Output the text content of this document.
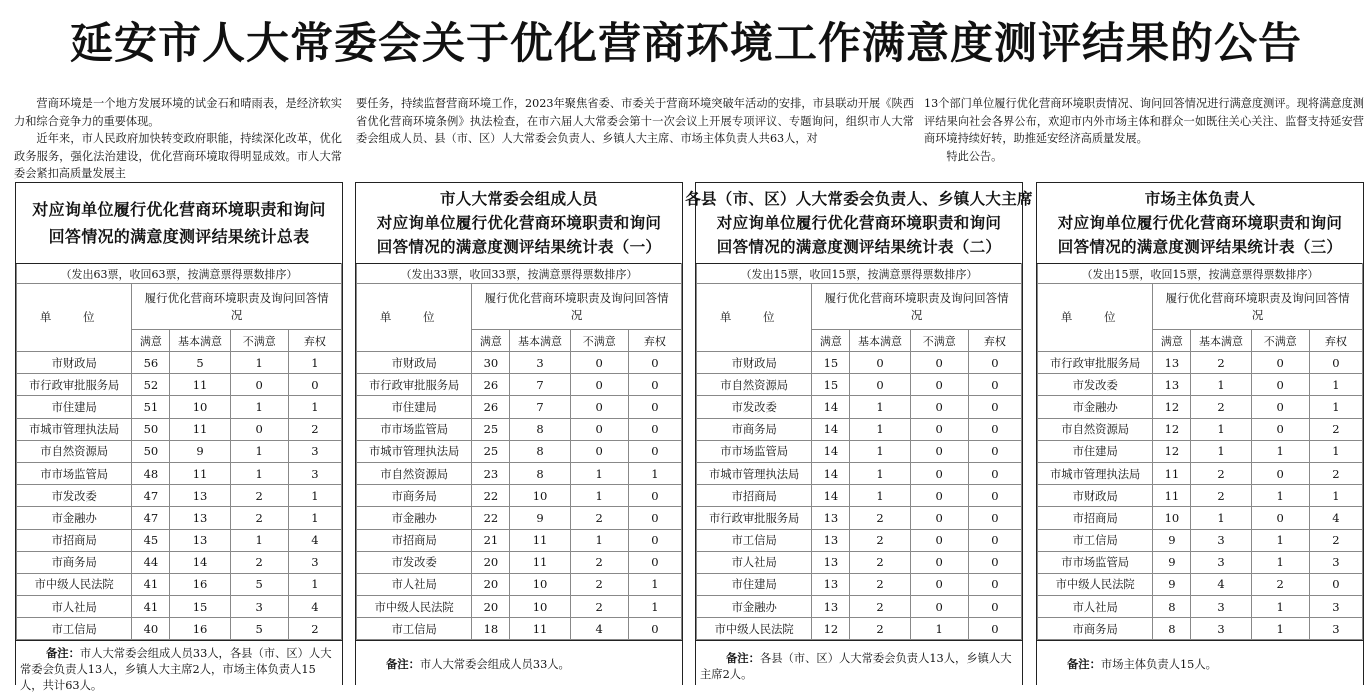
延安市人大常委会关于优化营商环境工作满意度测评结果的公告

营商环境是一个地方发展环境的试金石和晴雨表，是经济软实力和综合竞争力的重要体现。

近年来，市人民政府加快转变政府职能，持续深化改革，优化政务服务，强化法治建设，优化营商环境取得明显成效。市人大常委会紧扣高质量发展主

要任务，持续监督营商环境工作，2023年聚焦省委、市委关于营商环境突破年活动的安排，市县联动开展《陕西省优化营商环境条例》执法检查，在市六届人大常委会第十一次会议上开展专项评议、专题询问，组织市人大常委会组成人员、县（市、区）人大常委会负责人、乡镇人大主席、市场主体负责人共63人，对

13个部门单位履行优化营商环境职责情况、询问回答情况进行满意度测评。现将满意度测评结果向社会各界公布，欢迎市内外市场主体和群众一如既往关心关注、监督支持延安营商环境持续好转，助推延安经济高质量发展。

特此公告。

对应询单位履行优化营商环境职责和询问
回答情况的满意度测评结果统计总表
（发出63票，收回63票，按满意票得票数排序）				
单 位	履行优化营商环境职责及询问回答情况			
	满意	基本满意	不满意	弃权
市财政局	56	5	1	1
市行政审批服务局	52	11	0	0
市住建局	51	10	1	1
市城市管理执法局	50	11	0	2
市自然资源局	50	9	1	3
市市场监管局	48	11	1	3
市发改委	47	13	2	1
市金融办	47	13	2	1
市招商局	45	13	1	4
市商务局	44	14	2	3
市中级人民法院	41	16	5	1
市人社局	41	15	3	4
市工信局	40	16	5	2
备注：市人大常委会组成人员33人，各县（市、区）人大常委会负责人13人，乡镇人大主席2人，市场主体负责人15人，共计63人。
市人大常委会组成人员
对应询单位履行优化营商环境职责和询问
回答情况的满意度测评结果统计表（一）
（发出33票，收回33票，按满意票得票数排序）				
单 位	履行优化营商环境职责及询问回答情况			
	满意	基本满意	不满意	弃权
市财政局	30	3	0	0
市行政审批服务局	26	7	0	0
市住建局	26	7	0	0
市市场监管局	25	8	0	0
市城市管理执法局	25	8	0	0
市自然资源局	23	8	1	1
市商务局	22	10	1	0
市金融办	22	9	2	0
市招商局	21	11	1	0
市发改委	20	11	2	0
市人社局	20	10	2	1
市中级人民法院	20	10	2	1
市工信局	18	11	4	0
备注：市人大常委会组成人员33人。
各县（市、区）人大常委会负责人、乡镇人大主席
对应询单位履行优化营商环境职责和询问
回答情况的满意度测评结果统计表（二）
（发出15票，收回15票，按满意票得票数排序）				
单 位	履行优化营商环境职责及询问回答情况			
	满意	基本满意	不满意	弃权
市财政局	15	0	0	0
市自然资源局	15	0	0	0
市发改委	14	1	0	0
市商务局	14	1	0	0
市市场监管局	14	1	0	0
市城市管理执法局	14	1	0	0
市招商局	14	1	0	0
市行政审批服务局	13	2	0	0
市工信局	13	2	0	0
市人社局	13	2	0	0
市住建局	13	2	0	0
市金融办	13	2	0	0
市中级人民法院	12	2	1	0
备注：各县（市、区）人大常委会负责人13人，乡镇人大主席2人。
市场主体负责人
对应询单位履行优化营商环境职责和询问
回答情况的满意度测评结果统计表（三）
（发出15票，收回15票，按满意票得票数排序）				
单 位	履行优化营商环境职责及询问回答情况			
	满意	基本满意	不满意	弃权
市行政审批服务局	13	2	0	0
市发改委	13	1	0	1
市金融办	12	2	0	1
市自然资源局	12	1	0	2
市住建局	12	1	1	1
市城市管理执法局	11	2	0	2
市财政局	11	2	1	1
市招商局	10	1	0	4
市工信局	9	3	1	2
市市场监管局	9	3	1	3
市中级人民法院	9	4	2	0
市人社局	8	3	1	3
市商务局	8	3	1	3
备注：市场主体负责人15人。
